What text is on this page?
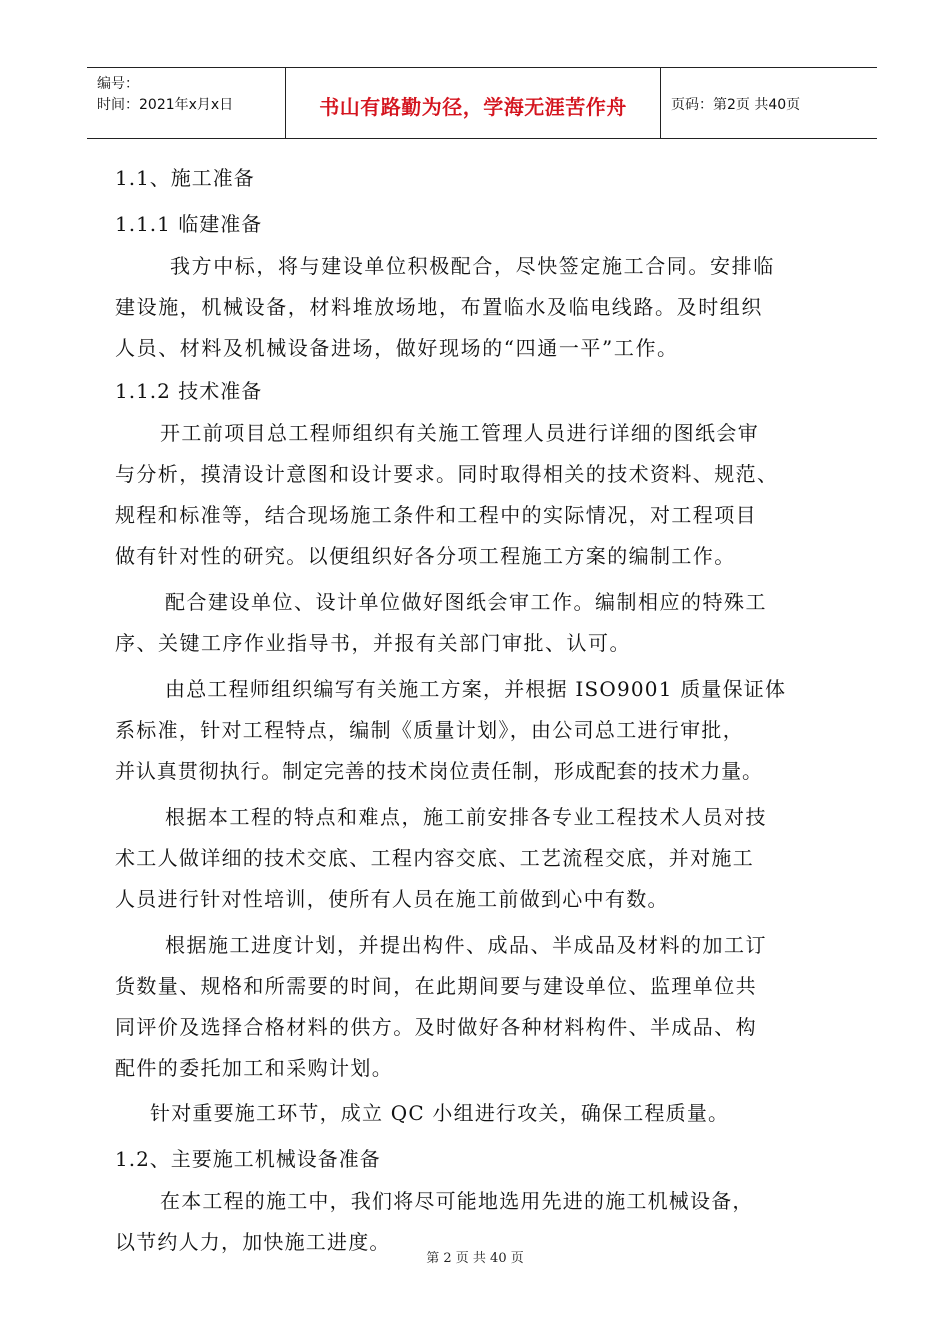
编号：
时间：2021年x月x日	书山有路勤为径，学海无涯苦作舟	页码：第2页 共40页
1.1、施工准备
1.1.1 临建准备
我方中标，将与建设单位积极配合，尽快签定施工合同。安排临
建设施，机械设备，材料堆放场地，布置临水及临电线路。及时组织
人员、材料及机械设备进场，做好现场的“四通一平”工作。
1.1.2 技术准备
开工前项目总工程师组织有关施工管理人员进行详细的图纸会审
与分析，摸清设计意图和设计要求。同时取得相关的技术资料、规范、
规程和标准等，结合现场施工条件和工程中的实际情况，对工程项目
做有针对性的研究。以便组织好各分项工程施工方案的编制工作。
配合建设单位、设计单位做好图纸会审工作。编制相应的特殊工
序、关键工序作业指导书，并报有关部门审批、认可。
由总工程师组织编写有关施工方案，并根据 ISO9001 质量保证体
系标准，针对工程特点，编制《质量计划》，由公司总工进行审批，
并认真贯彻执行。制定完善的技术岗位责任制，形成配套的技术力量。
根据本工程的特点和难点，施工前安排各专业工程技术人员对技
术工人做详细的技术交底、工程内容交底、工艺流程交底，并对施工
人员进行针对性培训，使所有人员在施工前做到心中有数。
根据施工进度计划，并提出构件、成品、半成品及材料的加工订
货数量、规格和所需要的时间，在此期间要与建设单位、监理单位共
同评价及选择合格材料的供方。及时做好各种材料构件、半成品、构
配件的委托加工和采购计划。
针对重要施工环节，成立 QC 小组进行攻关，确保工程质量。
1.2、主要施工机械设备准备
在本工程的施工中，我们将尽可能地选用先进的施工机械设备，
以节约人力，加快施工进度。
第 2 页 共 40 页
